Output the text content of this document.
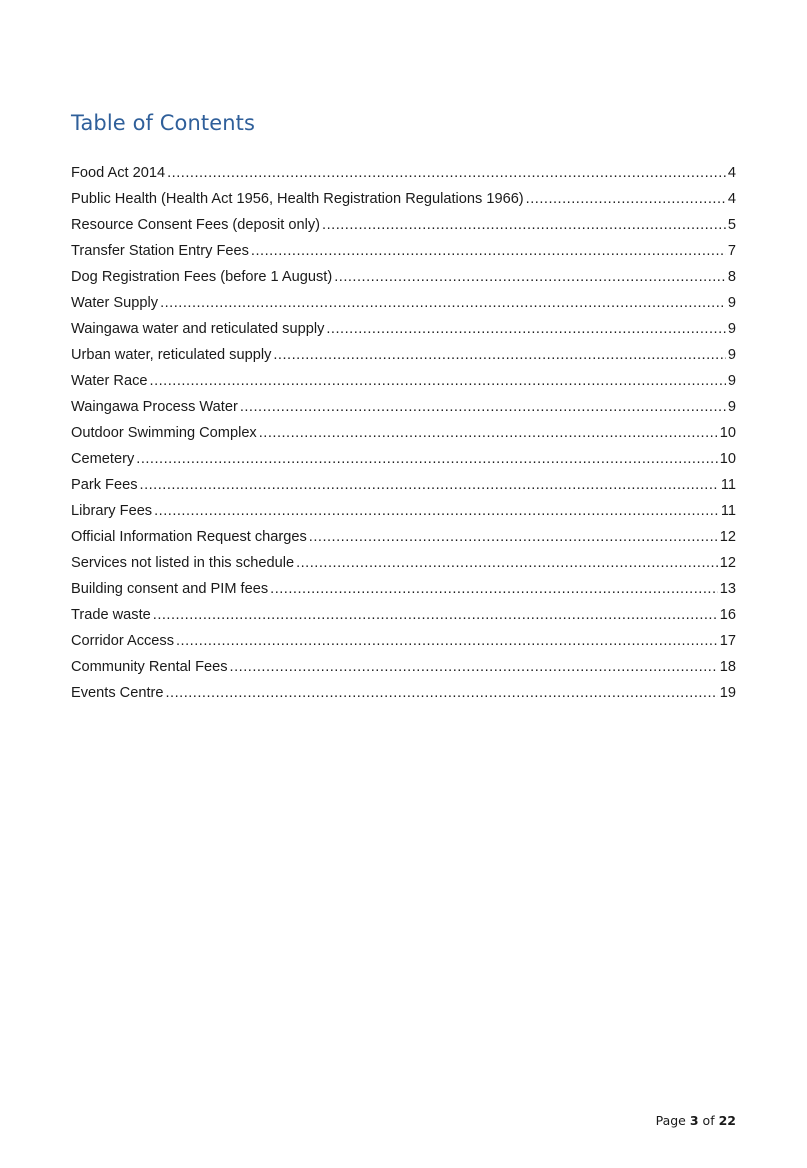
Table of Contents
Food Act 2014 .....	4
Public Health (Health Act 1956, Health Registration Regulations 1966) .....	4
Resource Consent Fees (deposit only) .....	5
Transfer Station Entry Fees .....	7
Dog Registration Fees (before 1 August) .....	8
Water Supply .....	9
Waingawa water and reticulated supply .....	9
Urban water, reticulated supply .....	9
Water Race .....	9
Waingawa Process Water .....	9
Outdoor Swimming Complex .....	10
Cemetery .....	10
Park Fees .....	11
Library Fees .....	11
Official Information Request charges .....	12
Services not listed in this schedule .....	12
Building consent and PIM fees .....	13
Trade waste .....	16
Corridor Access .....	17
Community Rental Fees .....	18
Events Centre .....	19
Page 3 of 22
